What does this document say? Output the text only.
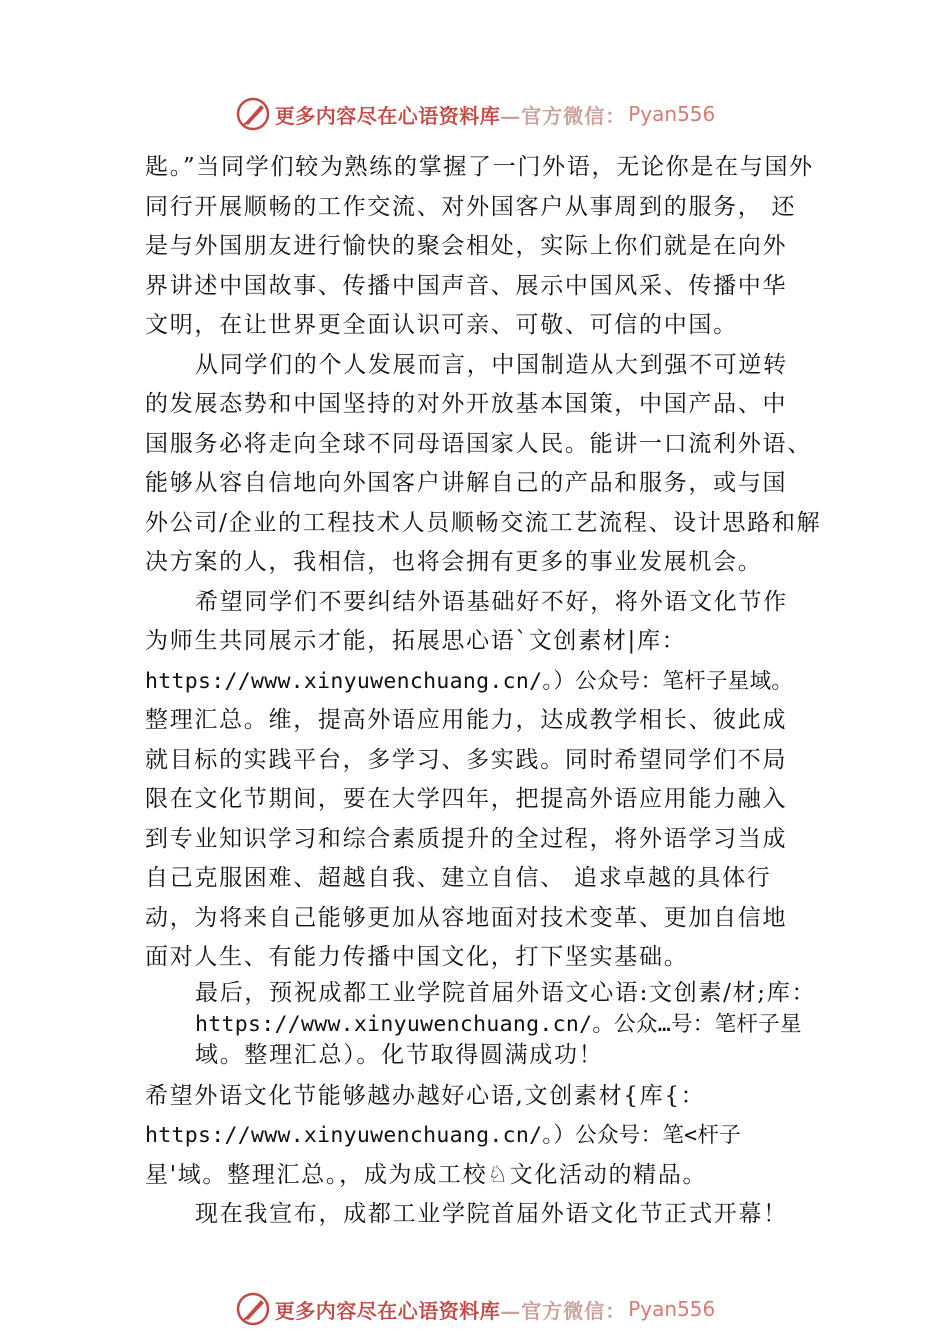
更多内容尽在心语资料库 —官方微信： Pyan556
匙。”当同学们较为熟练的掌握了一门外语，无论你是在与国外
同行开展顺畅的工作交流、对外国客户从事周到的服务， 还
是与外国朋友进行愉快的聚会相处，实际上你们就是在向外
界讲述中国故事、传播中国声音、展示中国风采、传播中华
文明，在让世界更全面认识可亲、可敬、可信的中国。
从同学们的个人发展而言，中国制造从大到强不可逆转
的发展态势和中国坚持的对外开放基本国策，中国产品、中
国服务必将走向全球不同母语国家人民。能讲一口流利外语、
能够从容自信地向外国客户讲解自己的产品和服务，或与国
外公司/企业的工程技术人员顺畅交流工艺流程、设计思路和解
决方案的人，我相信，也将会拥有更多的事业发展机会。
希望同学们不要纠结外语基础好不好，将外语文化节作
为师生共同展示才能，拓展思心语`文创素材|库：
https://www.xinyuwenchuang.cn/。）公众号：笔杆子星域。
整理汇总。维，提高外语应用能力，达成教学相长、彼此成
就目标的实践平台，多学习、多实践。同时希望同学们不局
限在文化节期间，要在大学四年，把提高外语应用能力融入
到专业知识学习和综合素质提升的全过程，将外语学习当成
自己克服困难、超越自我、建立自信、 追求卓越的具体行
动，为将来自己能够更加从容地面对技术变革、更加自信地
面对人生、有能力传播中国文化，打下坚实基础。
最后，预祝成都工业学院首届外语文心语:文创素/材;库：
https://www.xinyuwenchuang.cn/。公众…号：笔杆子星
域。整理汇总）。化节取得圆满成功！
希望外语文化节能够越办越好心语,文创素材{库{：
https://www.xinyuwenchuang.cn/。）公众号：笔<杆子
星'域。整理汇总。，成为成工校♘文化活动的精品。
现在我宣布，成都工业学院首届外语文化节正式开幕！
更多内容尽在心语资料库 —官方微信： Pyan556
